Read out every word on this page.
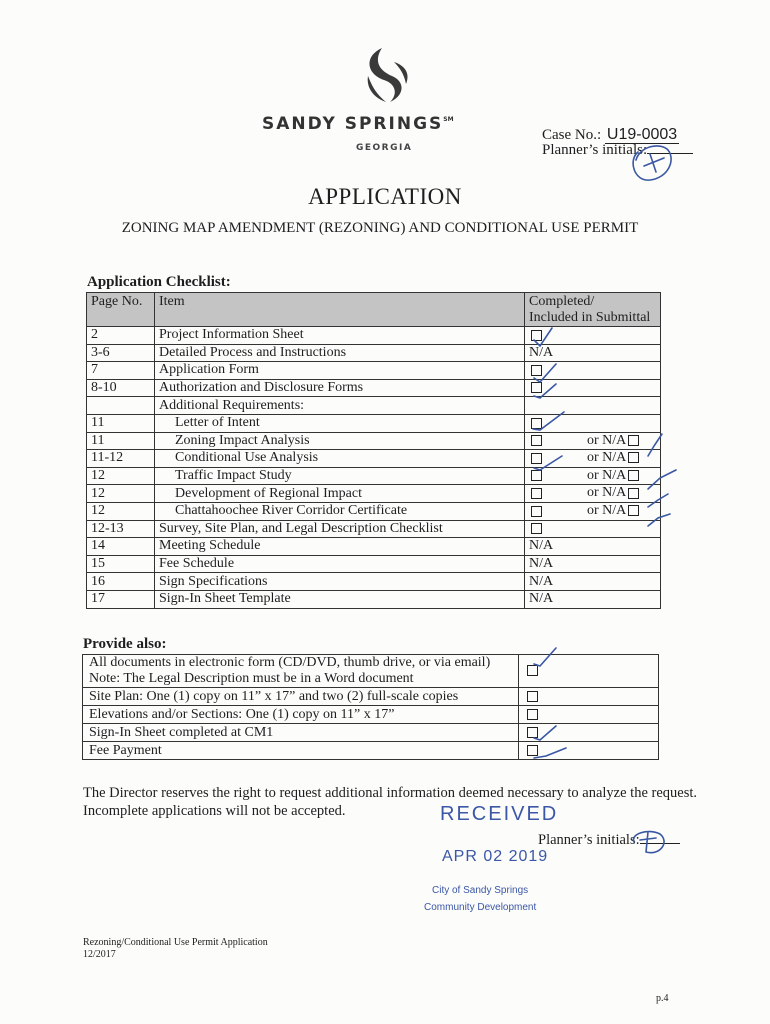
SANDY SPRINGS℠
GEORGIA
Case No.: U19-0003
Planner’s initials:
APPLICATION
ZONING MAP AMENDMENT (REZONING) AND CONDITIONAL USE PERMIT
Application Checklist:
Page No.	Item	Completed/
Included in Submittal
2	Project Information Sheet	
3-6	Detailed Process and Instructions	N/A
7	Application Form	
8-10	Authorization and Disclosure Forms	
	Additional Requirements:	
11	Letter of Intent	
11	Zoning Impact Analysis	or N/A

11-12	Conditional Use Analysis	or N/A

12	Traffic Impact Study	or N/A

12	Development of Regional Impact	or N/A

12	Chattahoochee River Corridor Certificate	or N/A

12-13	Survey, Site Plan, and Legal Description Checklist	
14	Meeting Schedule	N/A
15	Fee Schedule	N/A
16	Sign Specifications	N/A
17	Sign-In Sheet Template	N/A
Provide also:
All documents in electronic form (CD/DVD, thumb drive, or via email)
Note: The Legal Description must be in a Word document	

Site Plan: One (1) copy on 11” x 17” and two (2) full-scale copies	

Elevations and/or Sections: One (1) copy on 11” x 17”	

Sign-In Sheet completed at CM1	

Fee Payment	

The Director reserves the right to request additional information deemed necessary to analyze the request.
Incomplete applications will not be accepted.	RECEIVED
APR 02 2019
City of Sandy Springs
Community Development
Planner’s initials:
Rezoning/Conditional Use Permit Application
12/2017
p.4
